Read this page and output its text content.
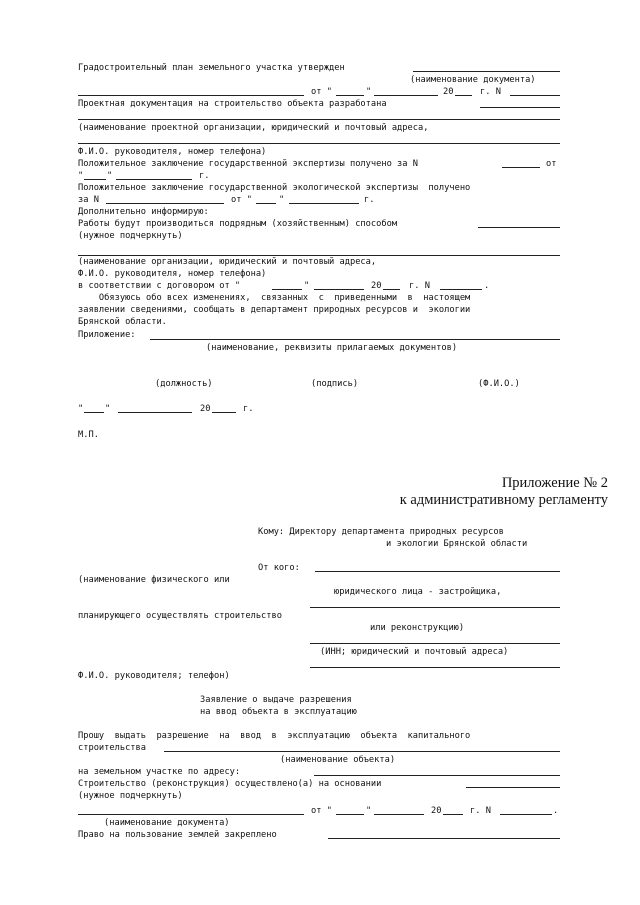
Градостроительный план земельного участка утвержден
(наименование документа)
от "	"	20	г. N
Проектная документация на строительство объекта разработана
(наименование проектной организации, юридический и почтовый адреса,
Ф.И.О. руководителя, номер телефона)
Положительное заключение государственной экспертизы получено за N	от
"	"	г.
Положительное заключение государственной экологической экспертизы  получено
за N	от "	"	г.
Дополнительно информирую:
Работы будут производиться подрядным (хозяйственным) способом
(нужное подчеркнуть)
(наименование организации, юридический и почтовый адреса,
Ф.И.О. руководителя, номер телефона)
в соответствии с договором от "	"	20	г. N	.
Обязуюсь обо всех изменениях,  связанных  с  приведенными  в  настоящем
заявлении сведениями, сообщать в департамент природных ресурсов и  экологии
Брянской области.
Приложение:
(наименование, реквизиты прилагаемых документов)
(должность)	(подпись)	(Ф.И.О.)
"	"	20	г.
М.П.
Приложение № 2
к административному регламенту
Кому: Директору департамента природных ресурсов
и экологии Брянской области
От кого:
(наименование физического или
юридического лица - застройщика,
планирующего осуществлять строительство
или реконструкцию)
(ИНН; юридический и почтовый адреса)
Ф.И.О. руководителя; телефон)
Заявление о выдаче разрешения
на ввод объекта в эксплуатацию
Прошу  выдать  разрешение  на  ввод  в  эксплуатацию  объекта  капитального
строительства
(наименование объекта)
на земельном участке по адресу:
Строительство (реконструкция) осуществлено(а) на основании
(нужное подчеркнуть)
от "	"	20	г. N	.
(наименование документа)
Право на пользование землей закреплено
